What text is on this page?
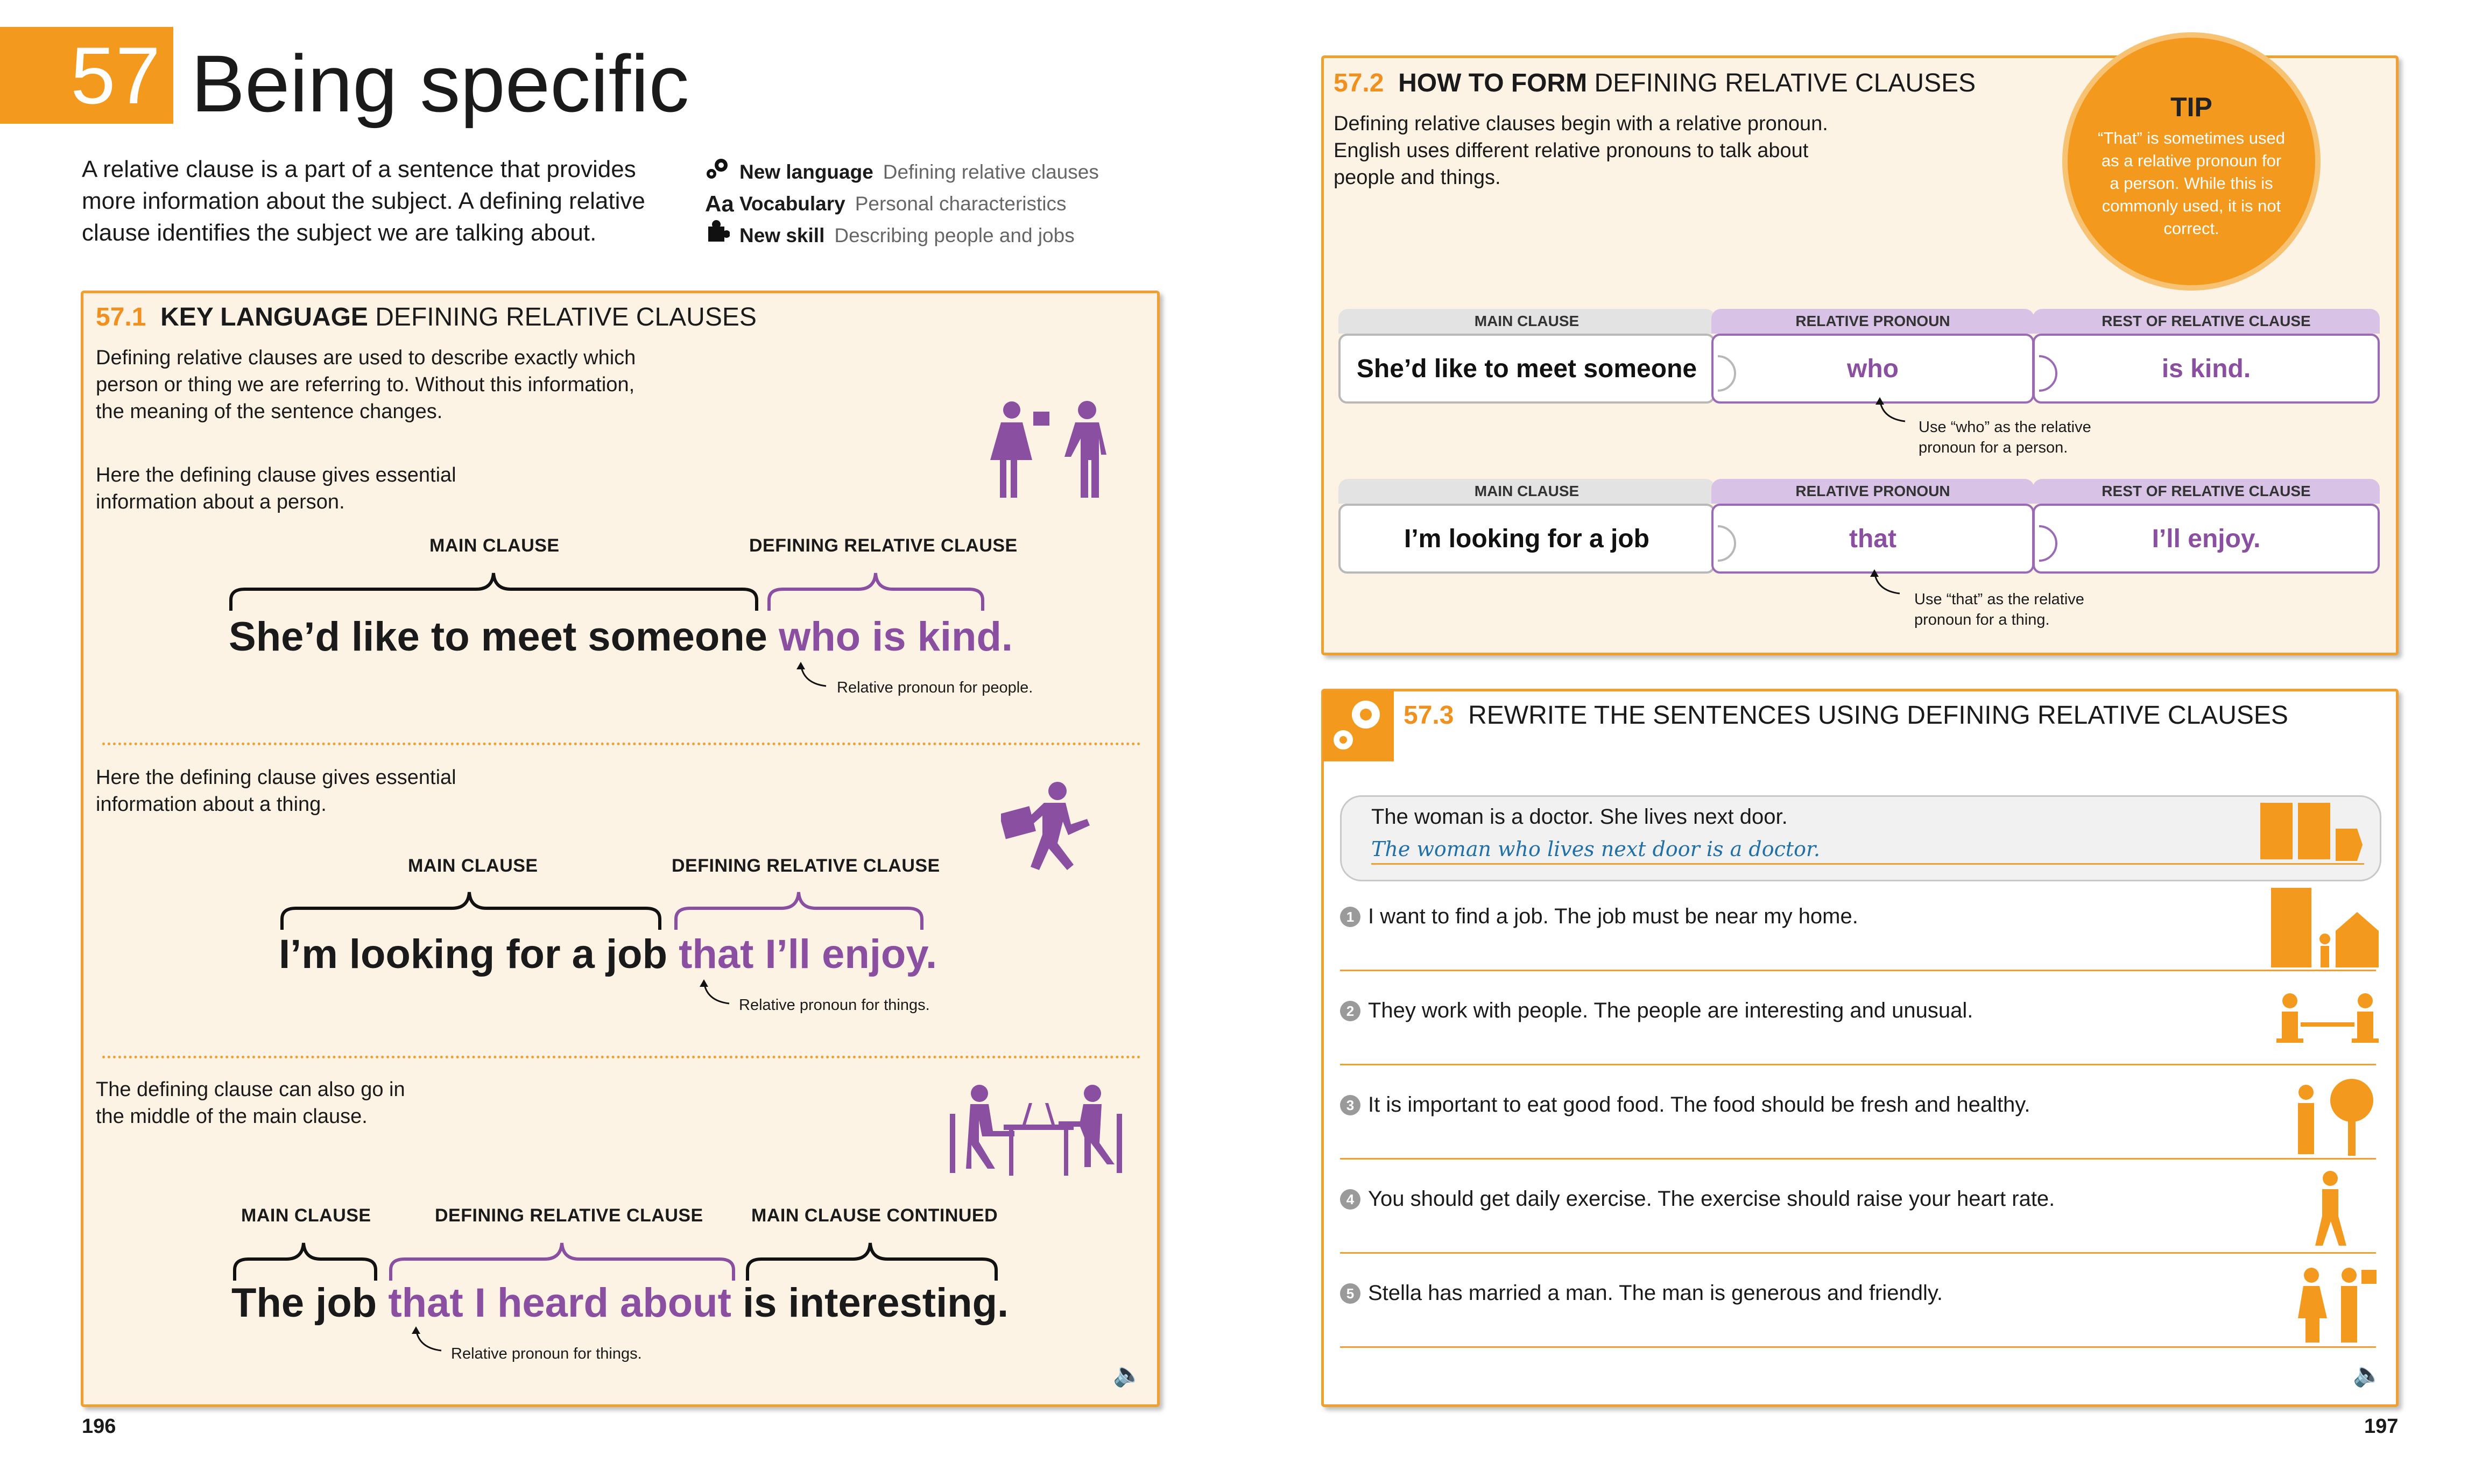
57 Being specific
A relative clause is a part of a sentence that provides more information about the subject. A defining relative clause identifies the subject we are talking about.
New language Defining relative clauses
Aa Vocabulary Personal characteristics
New skill Describing people and jobs
57.1 KEY LANGUAGE DEFINING RELATIVE CLAUSES
Defining relative clauses are used to describe exactly which person or thing we are referring to. Without this information, the meaning of the sentence changes.
Here the defining clause gives essential information about a person.
MAIN CLAUSE	DEFINING RELATIVE CLAUSE
She’d like to meet someone who is kind.
Relative pronoun for people.
Here the defining clause gives essential information about a thing.
MAIN CLAUSE	DEFINING RELATIVE CLAUSE
I’m looking for a job that I’ll enjoy.
Relative pronoun for things.
The defining clause can also go in the middle of the main clause.
MAIN CLAUSE	DEFINING RELATIVE CLAUSE	MAIN CLAUSE CONTINUED
The job that I heard about is interesting.
Relative pronoun for things.
🔈
57.2 HOW TO FORM DEFINING RELATIVE CLAUSES
Defining relative clauses begin with a relative pronoun. English uses different relative pronouns to talk about people and things.
TIP
“That” is sometimes used as a relative pronoun for a person. While this is commonly used, it is not correct.
MAIN CLAUSE
She’d like to meet someone
RELATIVE PRONOUN
who
REST OF RELATIVE CLAUSE
is kind.
Use “who” as the relative pronoun for a person.
MAIN CLAUSE
I’m looking for a job
RELATIVE PRONOUN
that
REST OF RELATIVE CLAUSE
I’ll enjoy.
Use “that” as the relative pronoun for a thing.
57.3 REWRITE THE SENTENCES USING DEFINING RELATIVE CLAUSES
The woman is a doctor. She lives next door.
The woman who lives next door is a doctor.
1 I want to find a job. The job must be near my home.
2 They work with people. The people are interesting and unusual.
3 It is important to eat good food. The food should be fresh and healthy.
4 You should get daily exercise. The exercise should raise your heart rate.
5 Stella has married a man. The man is generous and friendly.
🔈
196	197
